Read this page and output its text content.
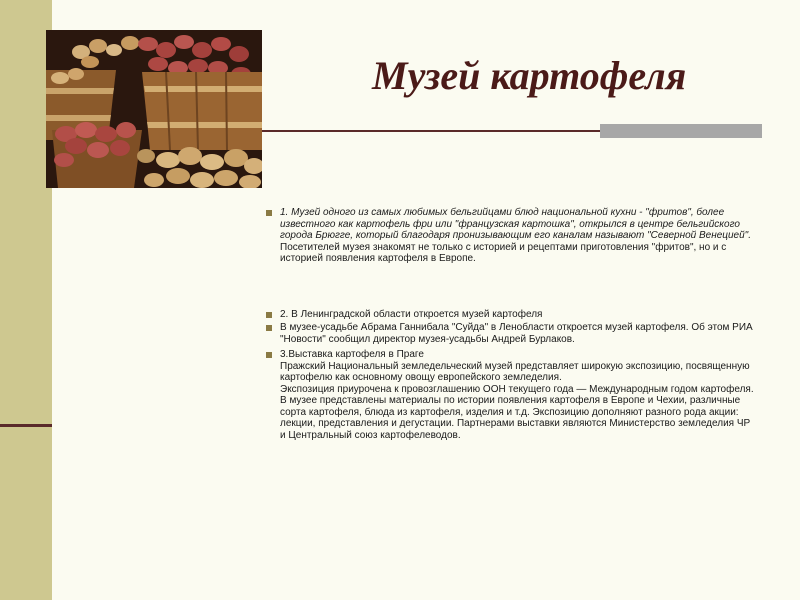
Музей картофеля

1. Музей одного из самых любимых бельгийцами блюд национальной кухни - "фритов", более известного как картофель фри или "французская картошка", открылся в центре бельгийского города Брюгге, который благодаря пронизывающим его каналам называют "Северной Венецией".

Посетителей музея знакомят не только с историей и рецептами приготовления "фритов", но и с историей появления картофеля в Европе.

2. В Ленинградской области откроется музей картофеля

В музее-усадьбе Абрама Ганнибала "Суйда" в Ленобласти откроется музей картофеля. Об этом РИА "Новости" сообщил директор музея-усадьбы Андрей Бурлаков.

3.Выставка картофеля в Праге

Пражский Национальный земледельческий музей представляет широкую экспозицию, посвященную картофелю как основному овощу европейского земледелия.

Экспозиция приурочена к провозглашению ООН текущего года — Международным годом картофеля. В музее представлены материалы по истории появления картофеля в Европе и Чехии, различные сорта картофеля, блюда из картофеля, изделия и т.д. Экспозицию дополняют разного рода акции: лекции, представления и дегустации. Партнерами выставки являются Министерство земледелия ЧР и Центральный союз картофелеводов.
